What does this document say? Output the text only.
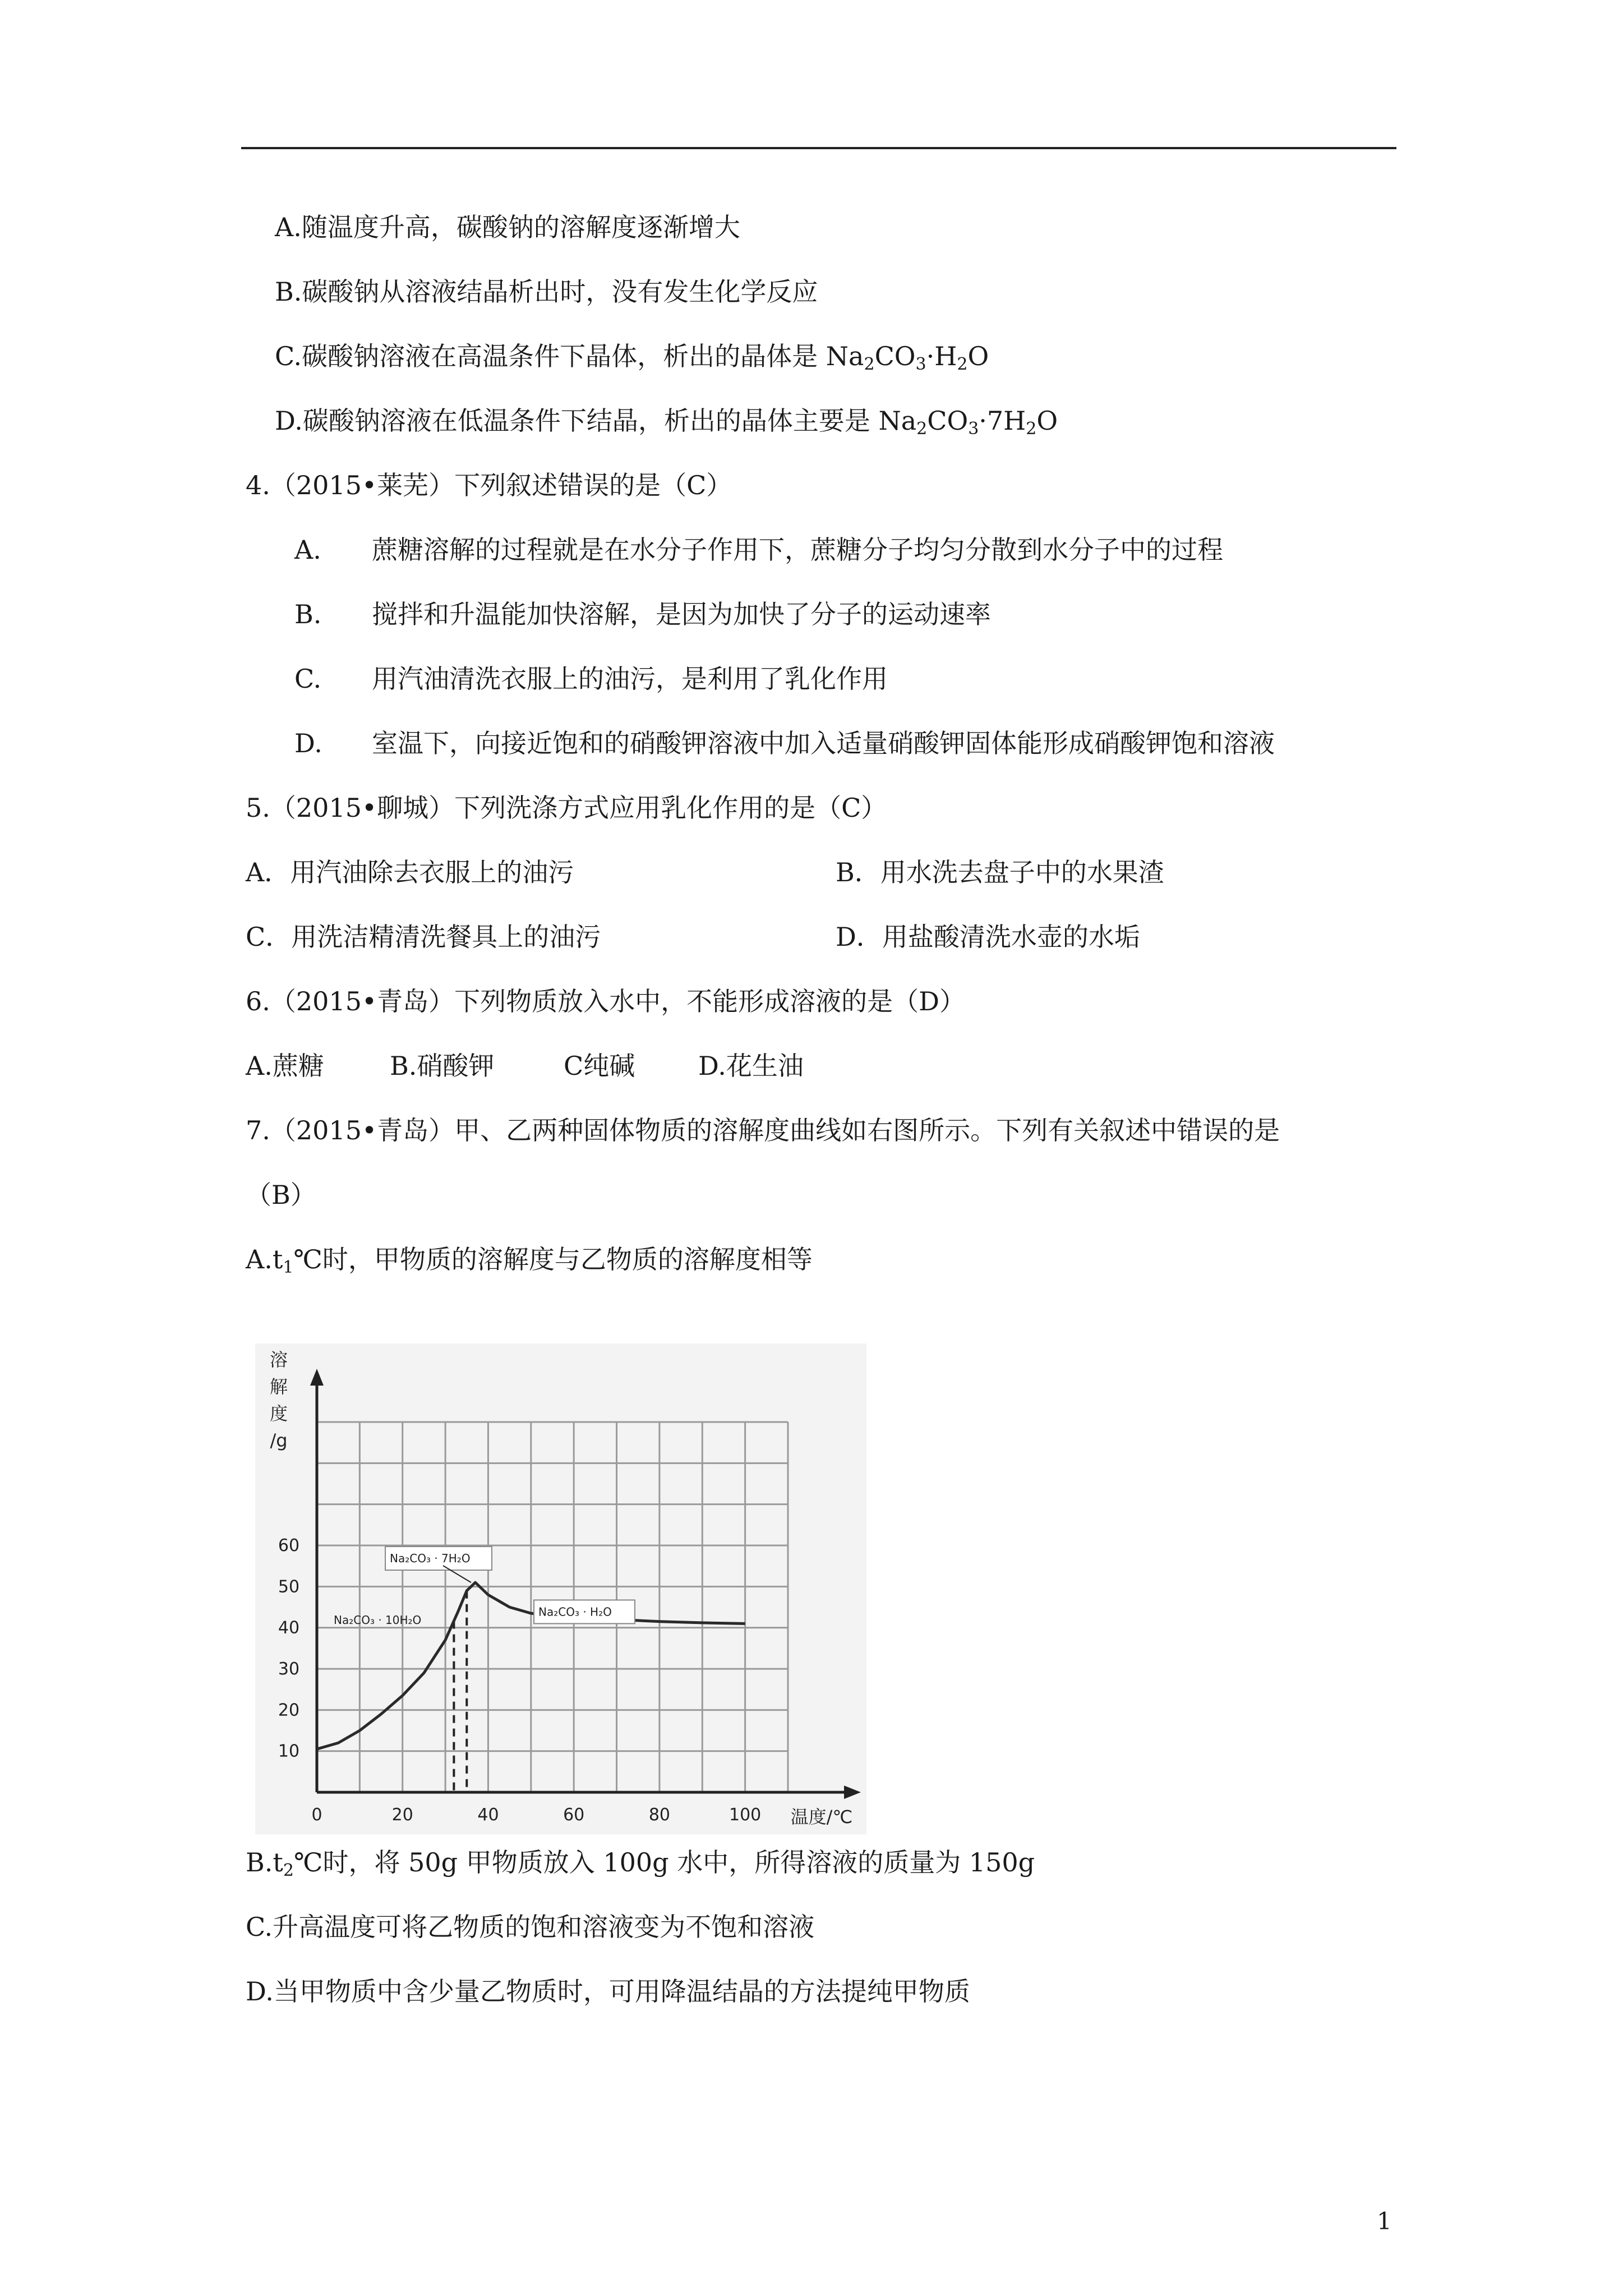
A.随温度升高，碳酸钠的溶解度逐渐增大
B.碳酸钠从溶液结晶析出时，没有发生化学反应
C.碳酸钠溶液在高温条件下晶体，析出的晶体是 $Na_2CO_3\cdot H_2O$
D.碳酸钠溶液在低温条件下结晶，析出的晶体主要是 $Na_2CO_3\cdot 7H_2O$
4.（2015•莱芜）下列叙述错误的是（C）
A. 蔗糖溶解的过程就是在水分子作用下，蔗糖分子均匀分散到水分子中的过程
B. 搅拌和升温能加快溶解，是因为加快了分子的运动速率
C. 用汽油清洗衣服上的油污，是利用了乳化作用
D. 室温下，向接近饱和的硝酸钾溶液中加入适量硝酸钾固体能形成硝酸钾饱和溶液
5.（2015•聊城）下列洗涤方式应用乳化作用的是（C）
A．用汽油除去衣服上的油污	B．用水洗去盘子中的水果渣
C．用洗洁精清洗餐具上的油污	D．用盐酸清洗水壶的水垢
6.（2015•青岛）下列物质放入水中，不能形成溶液的是（D）
A.蔗糖	B.硝酸钾	C纯碱 D.花生油
7.（2015•青岛）甲、乙两种固体物质的溶解度曲线如右图所示。下列有关叙述中错误的是
（B）
$A.t_1℃$时，甲物质的溶解度与乙物质的溶解度相等
溶
解
度
/g
10
20
30
40
50
60
0	20	40	60	80	100 温度/℃
Na₂CO₃ · 10H₂O
Na₂CO₃ · 7H₂O
Na₂CO₃ · H₂O
$B.t_2℃$时，将 50g 甲物质放入 100g 水中，所得溶液的质量为 150g
C.升高温度可将乙物质的饱和溶液变为不饱和溶液
D.当甲物质中含少量乙物质时，可用降温结晶的方法提纯甲物质
1
